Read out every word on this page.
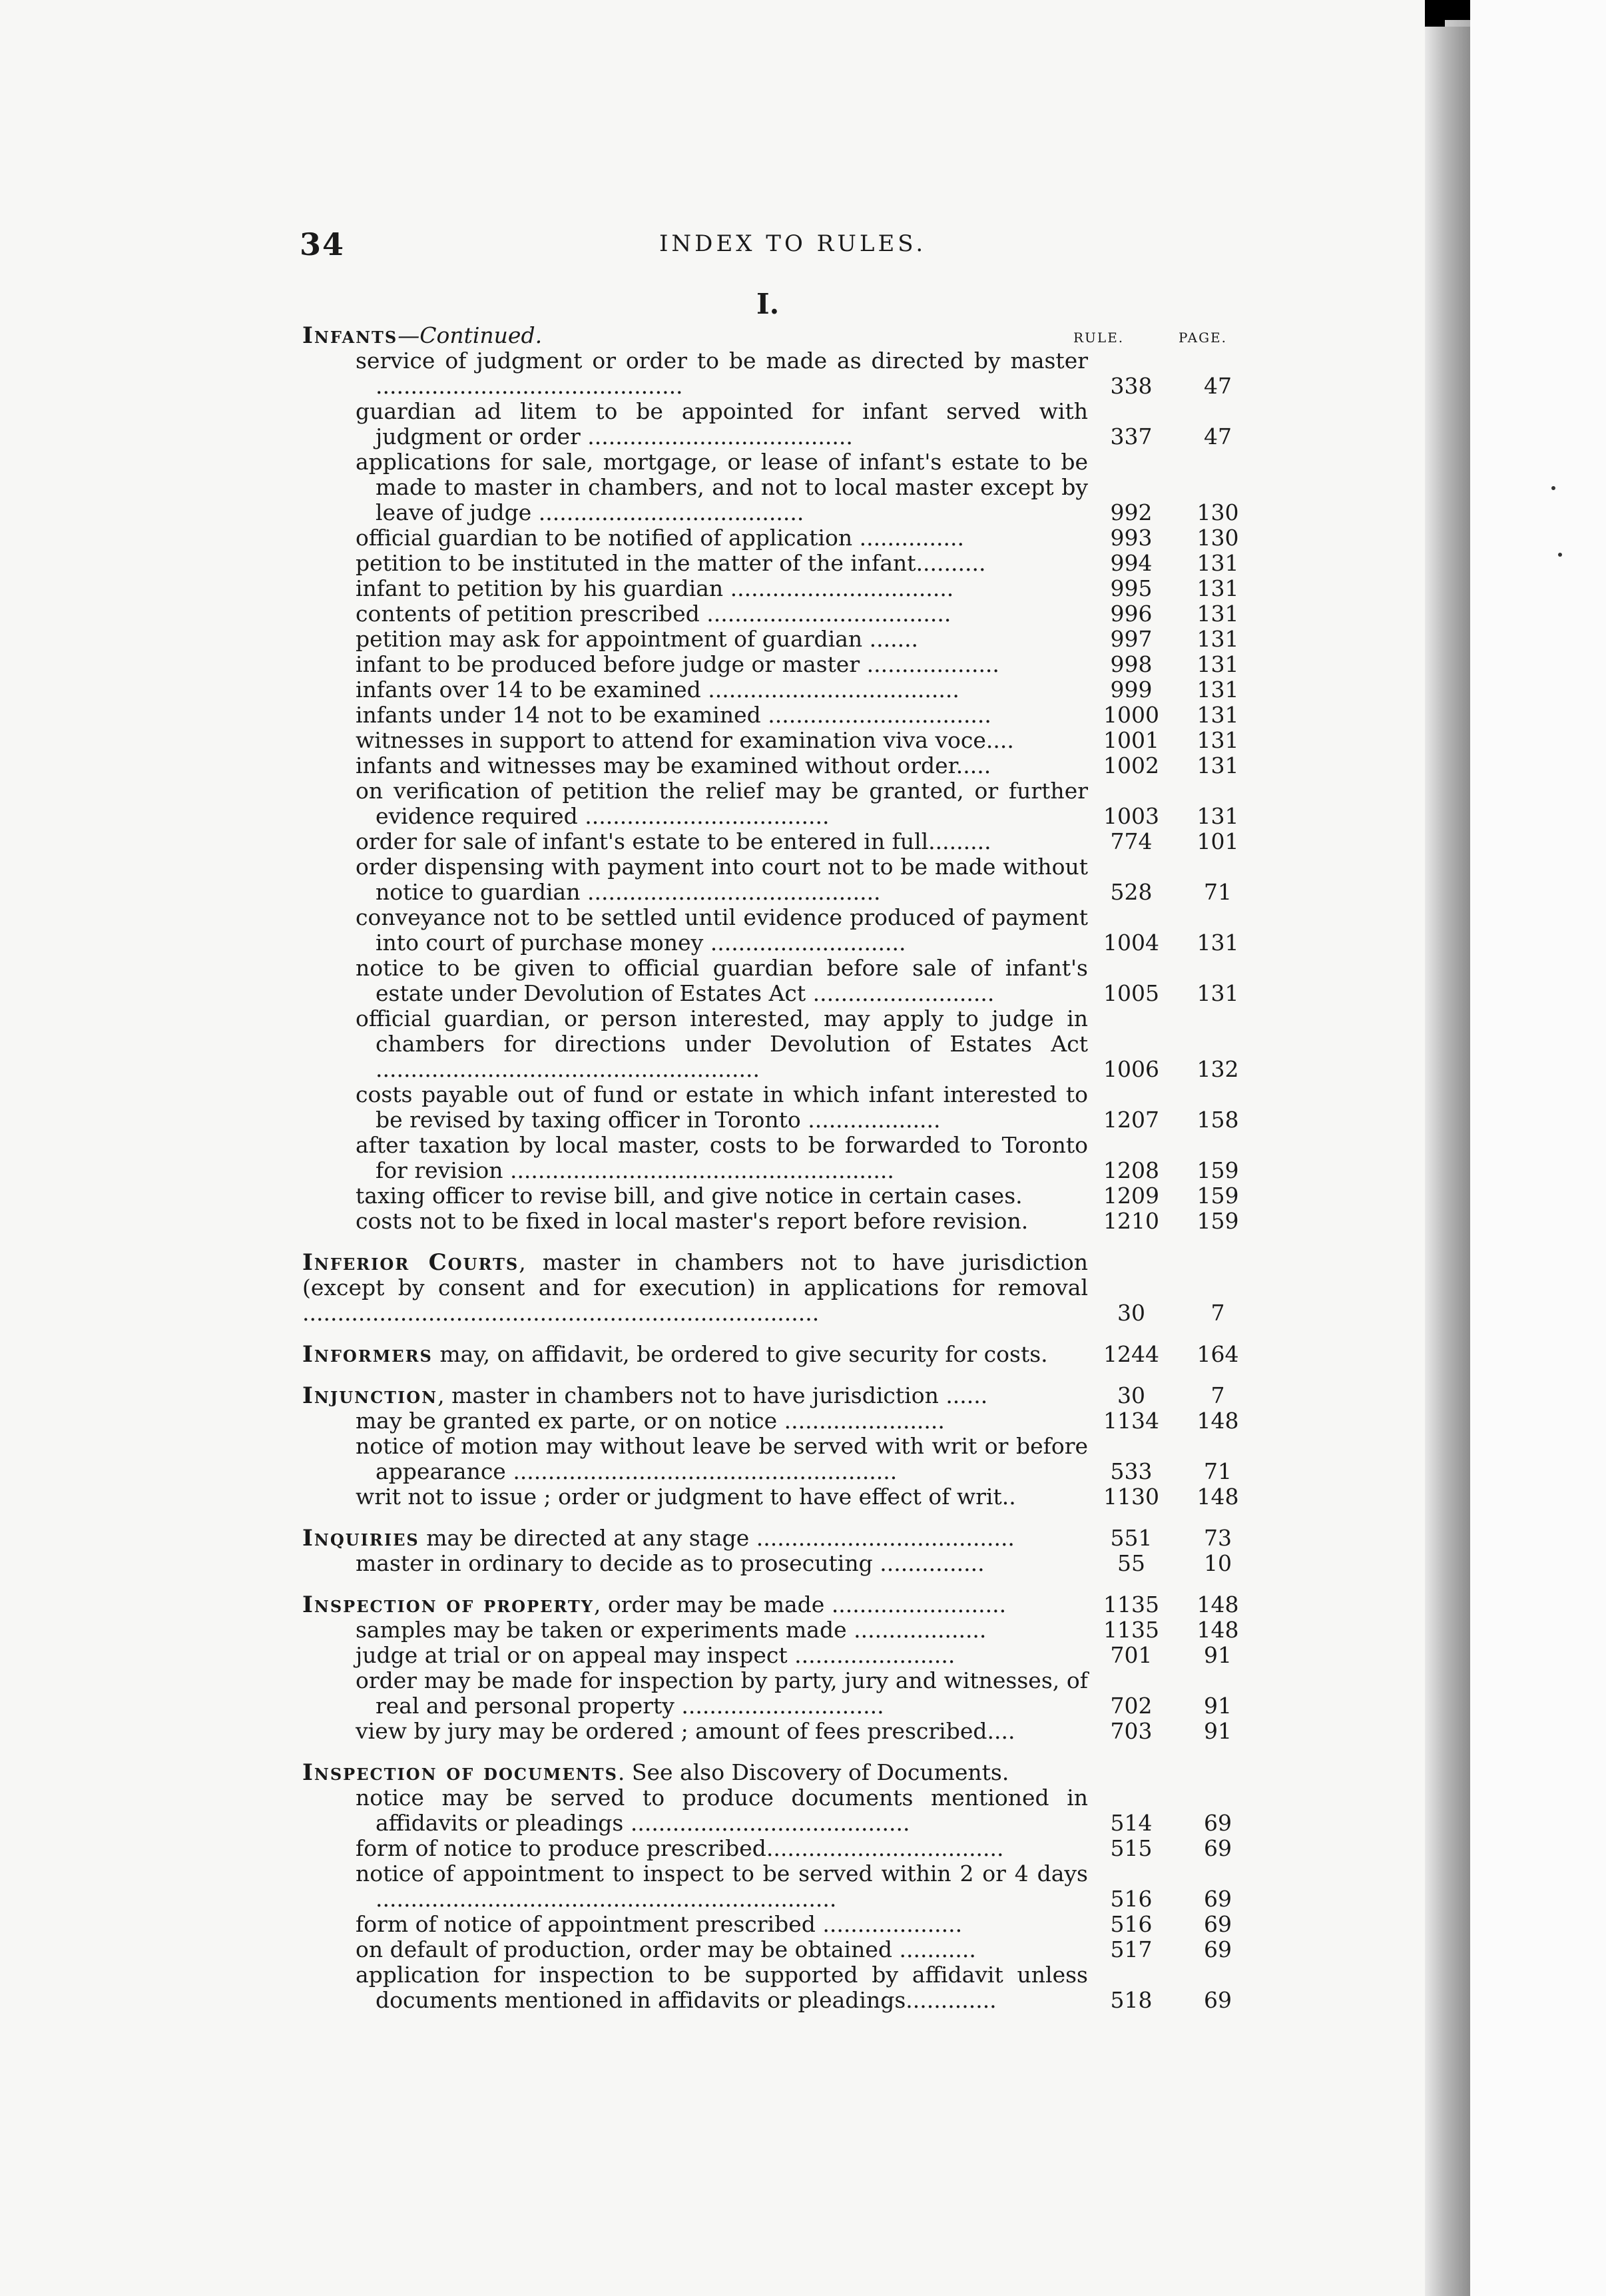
34	INDEX TO RULES.
I.
RULE.	PAGE.
Infants—Continued.
service of judgment or order to be made as directed by master ............................................	338	47
guardian ad litem to be appointed for infant served with judgment or order ......................................	337	47
applications for sale, mortgage, or lease of infant's estate to be made to master in chambers, and not to local master except by leave of judge ......................................	992	130
official guardian to be notified of application ...............	993	130
petition to be instituted in the matter of the infant..........	994	131
infant to petition by his guardian ................................	995	131
contents of petition prescribed ...................................	996	131
petition may ask for appointment of guardian .......	997	131
infant to be produced before judge or master ...................	998	131
infants over 14 to be examined ....................................	999	131
infants under 14 not to be examined ................................	1000	131
witnesses in support to attend for examination viva voce....	1001	131
infants and witnesses may be examined without order.....	1002	131
on verification of petition the relief may be granted, or further evidence required ...................................	1003	131
order for sale of infant's estate to be entered in full.........	774	101
order dispensing with payment into court not to be made without notice to guardian ..........................................	528	71
conveyance not to be settled until evidence produced of payment into court of purchase money ............................	1004	131
notice to be given to official guardian before sale of infant's estate under Devolution of Estates Act ..........................	1005	131
official guardian, or person interested, may apply to judge in chambers for directions under Devolution of Estates Act .......................................................	1006	132
costs payable out of fund or estate in which infant interested to be revised by taxing officer in Toronto ...................	1207	158
after taxation by local master, costs to be forwarded to Toronto for revision .......................................................	1208	159
taxing officer to revise bill, and give notice in certain cases.	1209	159
costs not to be fixed in local master's report before revision.	1210	159
Inferior Courts, master in chambers not to have jurisdiction (except by consent and for execution) in applications for removal ..........................................................................	30	7
Informers may, on affidavit, be ordered to give security for costs.	1244	164
Injunction, master in chambers not to have jurisdiction ......	30	7
may be granted ex parte, or on notice .......................	1134	148
notice of motion may without leave be served with writ or before appearance .......................................................	533	71
writ not to issue ; order or judgment to have effect of writ..	1130	148
Inquiries may be directed at any stage .....................................	551	73
master in ordinary to decide as to prosecuting ...............	55	10
Inspection of property, order may be made .........................	1135	148
samples may be taken or experiments made ...................	1135	148
judge at trial or on appeal may inspect .......................	701	91
order may be made for inspection by party, jury and witnesses, of real and personal property .............................	702	91
view by jury may be ordered ; amount of fees prescribed....	703	91
Inspection of documents. See also Discovery of Documents.
notice may be served to produce documents mentioned in affidavits or pleadings ........................................	514	69
form of notice to produce prescribed..................................	515	69
notice of appointment to inspect to be served within 2 or 4 days ..................................................................	516	69
form of notice of appointment prescribed ....................	516	69
on default of production, order may be obtained ...........	517	69
application for inspection to be supported by affidavit unless documents mentioned in affidavits or pleadings.............	518	69
